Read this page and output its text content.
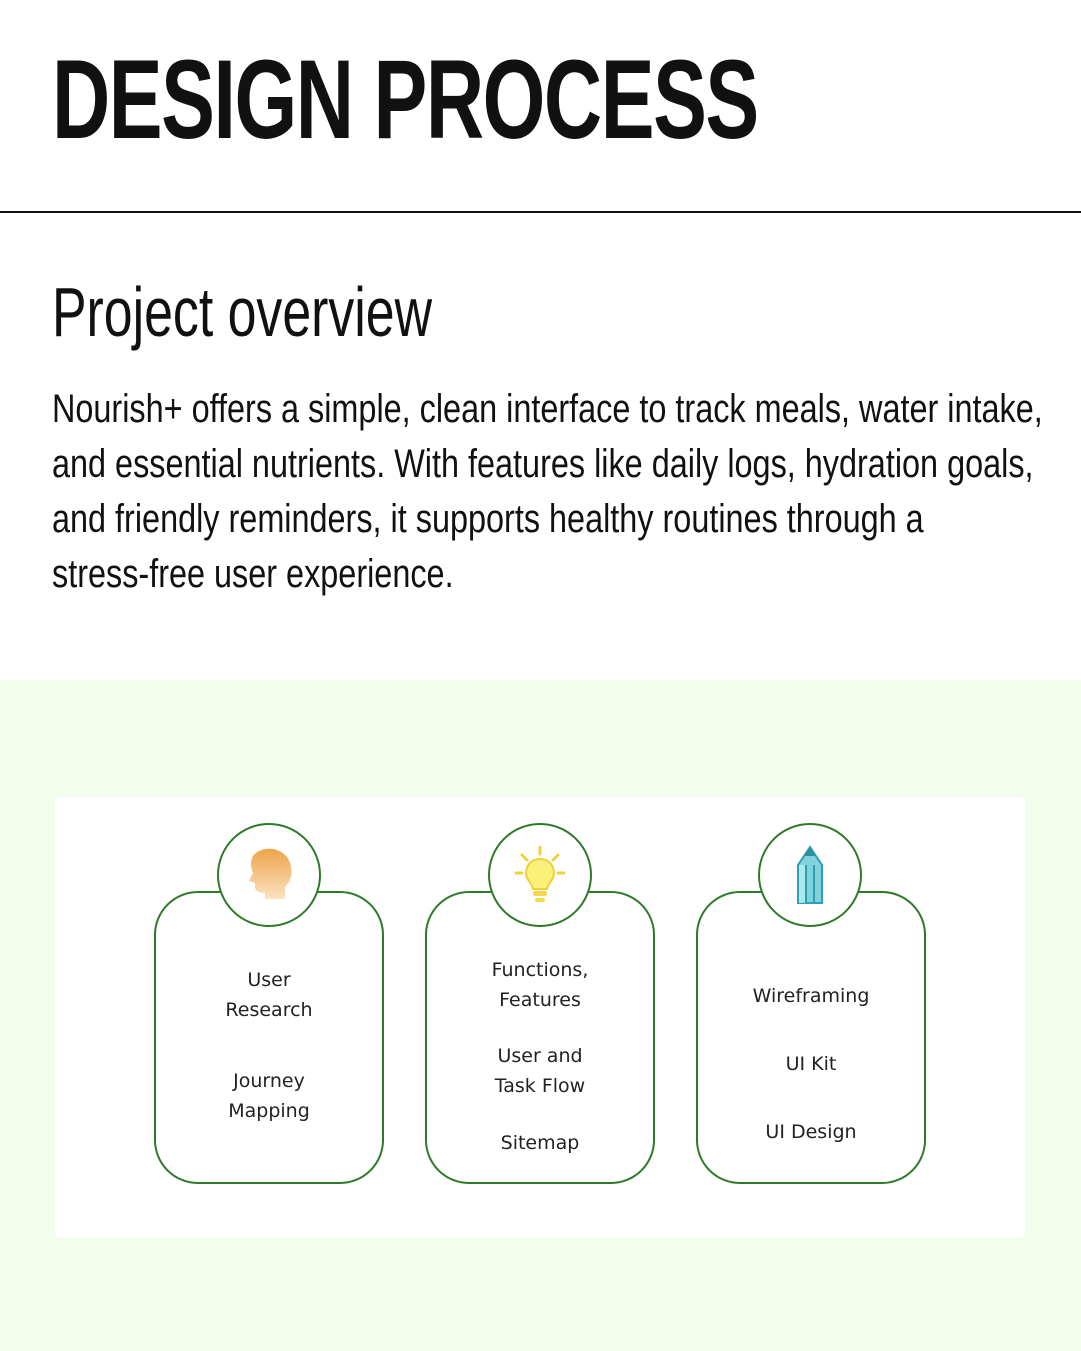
DESIGN PROCESS
Project overview
Nourish+ offers a simple, clean interface to track meals, water intake,
and essential nutrients. With features like daily logs, hydration goals,
and friendly reminders, it supports healthy routines through a
stress-free user experience.
User
Research
Journey
Mapping
Functions,
Features
User and
Task Flow
Sitemap
Wireframing
UI Kit
UI Design
